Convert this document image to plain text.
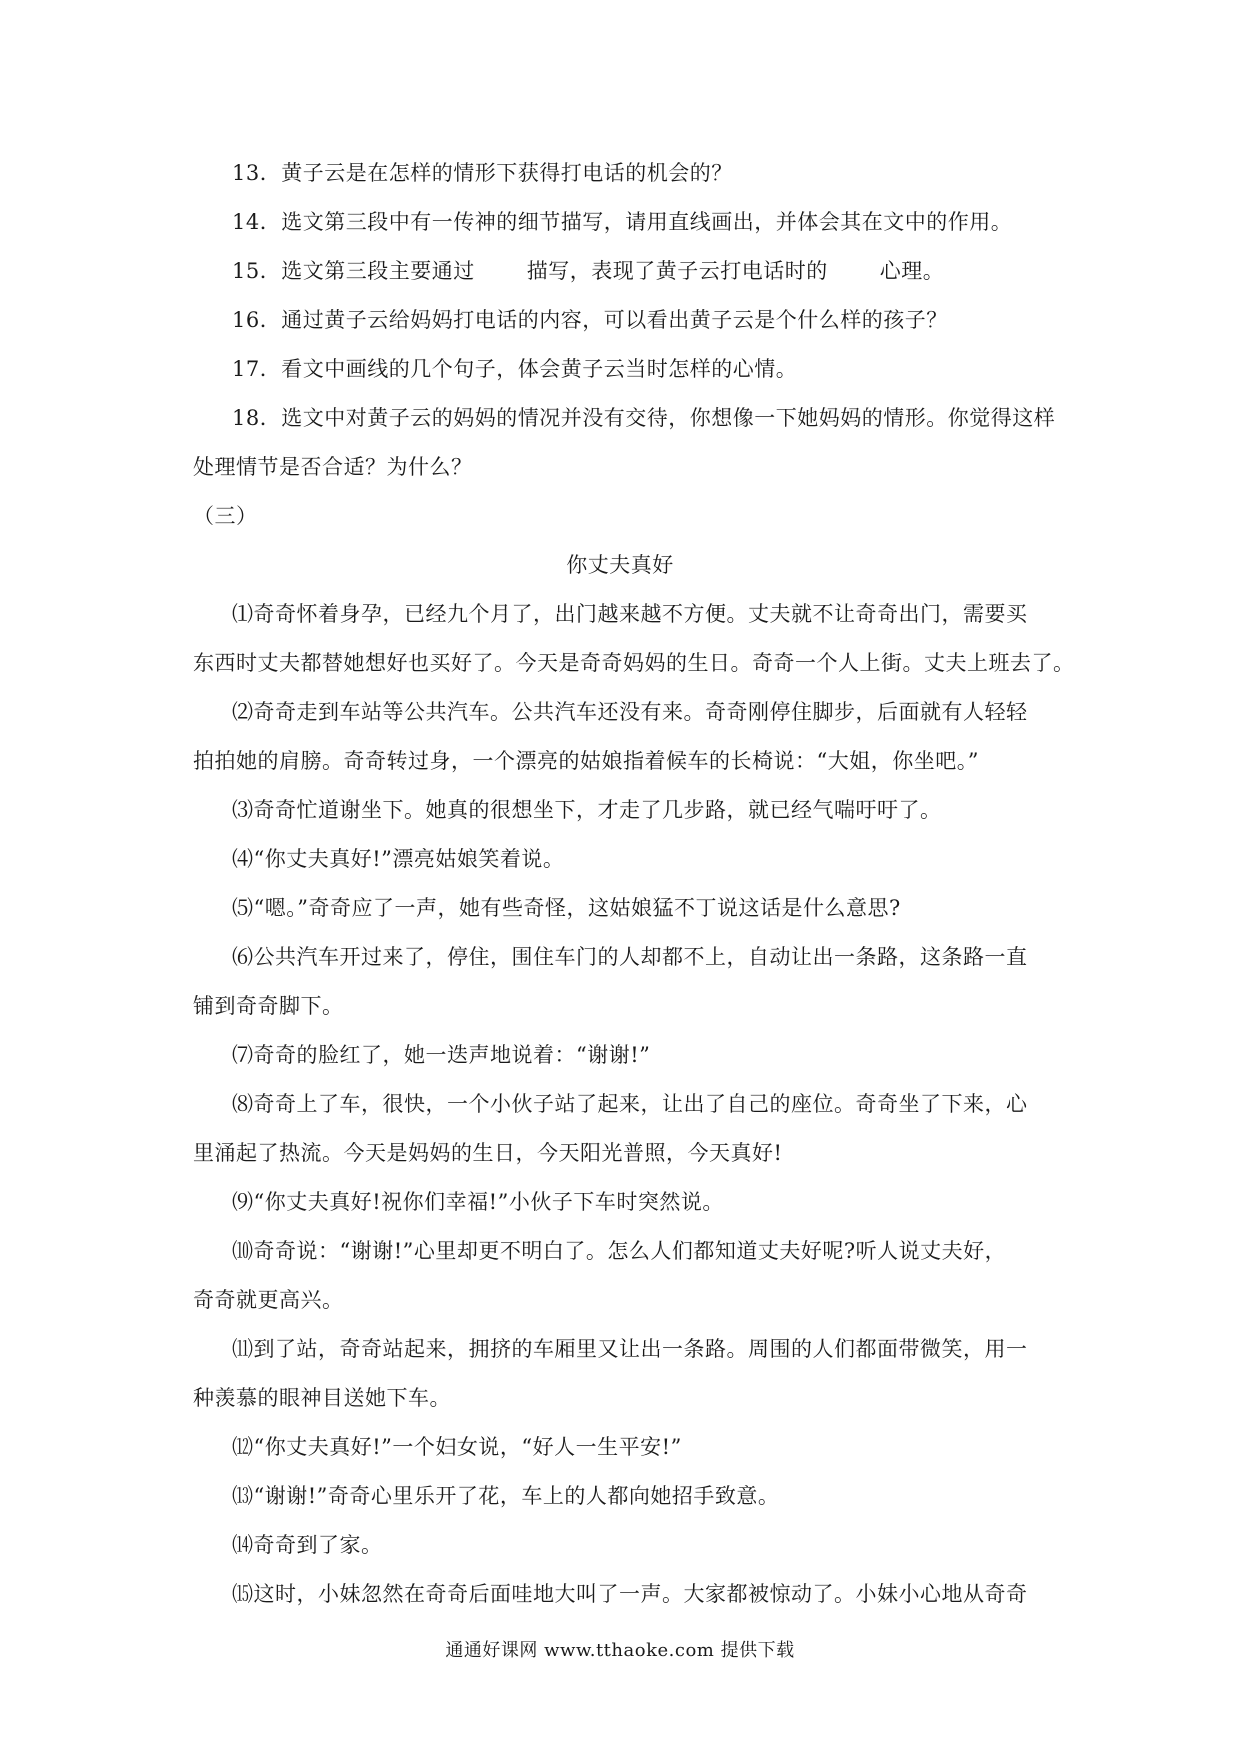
13．黄子云是在怎样的情形下获得打电话的机会的？
14．选文第三段中有一传神的细节描写，请用直线画出，并体会其在文中的作用。
15．选文第三段主要通过 描写，表现了黄子云打电话时的 心理。
16．通过黄子云给妈妈打电话的内容，可以看出黄子云是个什么样的孩子？
17．看文中画线的几个句子，体会黄子云当时怎样的心情。
18．选文中对黄子云的妈妈的情况并没有交待，你想像一下她妈妈的情形。你觉得这样
处理情节是否合适？为什么？
（三）
你丈夫真好
⑴奇奇怀着身孕，已经九个月了，出门越来越不方便。丈夫就不让奇奇出门，需要买
东西时丈夫都替她想好也买好了。今天是奇奇妈妈的生日。奇奇一个人上街。丈夫上班去了。
⑵奇奇走到车站等公共汽车。公共汽车还没有来。奇奇刚停住脚步，后面就有人轻轻
拍拍她的肩膀。奇奇转过身，一个漂亮的姑娘指着候车的长椅说：“大姐，你坐吧。”
⑶奇奇忙道谢坐下。她真的很想坐下，才走了几步路，就已经气喘吁吁了。
⑷“你丈夫真好!”漂亮姑娘笑着说。
⑸“嗯。”奇奇应了一声，她有些奇怪，这姑娘猛不丁说这话是什么意思?
⑹公共汽车开过来了，停住，围住车门的人却都不上，自动让出一条路，这条路一直
铺到奇奇脚下。
⑺奇奇的脸红了，她一迭声地说着：“谢谢!”
⑻奇奇上了车，很快，一个小伙子站了起来，让出了自己的座位。奇奇坐了下来，心
里涌起了热流。今天是妈妈的生日，今天阳光普照，今天真好!
⑼“你丈夫真好!祝你们幸福!”小伙子下车时突然说。
⑽奇奇说：“谢谢!”心里却更不明白了。怎么人们都知道丈夫好呢?听人说丈夫好，
奇奇就更高兴。
⑾到了站，奇奇站起来，拥挤的车厢里又让出一条路。周围的人们都面带微笑，用一
种羡慕的眼神目送她下车。
⑿“你丈夫真好!”一个妇女说，“好人一生平安!”
⒀“谢谢!”奇奇心里乐开了花，车上的人都向她招手致意。
⒁奇奇到了家。
⒂这时，小妹忽然在奇奇后面哇地大叫了一声。大家都被惊动了。小妹小心地从奇奇
通通好课网 www.tthaoke.com 提供下载
